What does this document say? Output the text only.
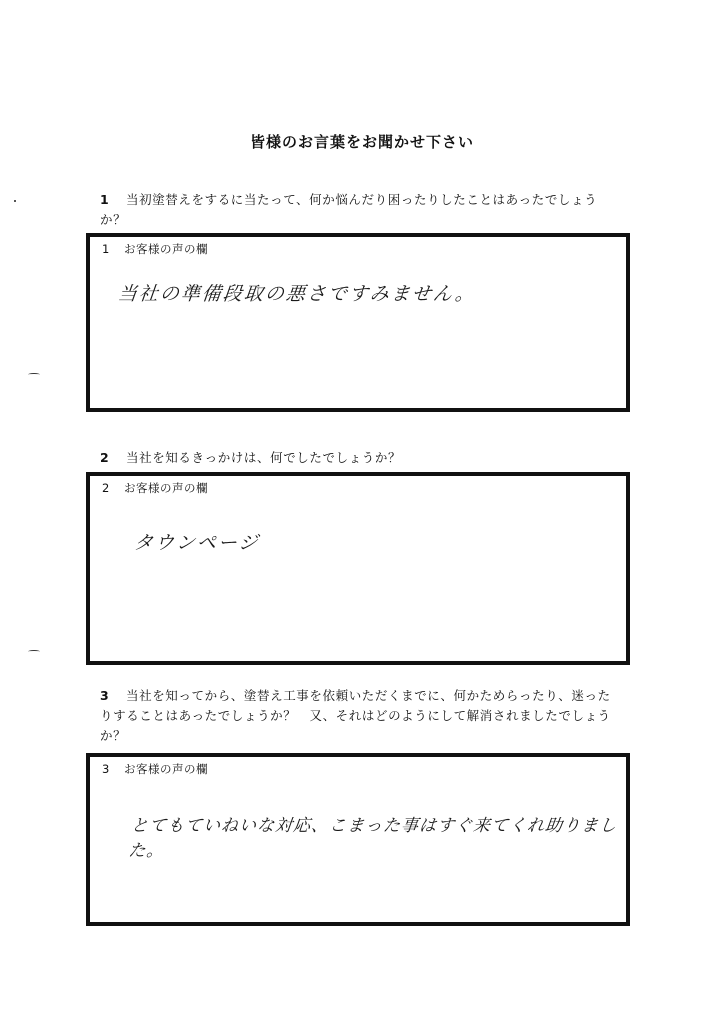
皆様のお言葉をお聞かせ下さい
1 当初塗替えをするに当たって、何か悩んだり困ったりしたことはあったでしょう
か？
1 お客様の声の欄
当社の準備段取の悪さですみません。
2 当社を知るきっかけは、何でしたでしょうか？
2 お客様の声の欄
タウンページ
3 当社を知ってから、塗替え工事を依頼いただくまでに、何かためらったり、迷った
りすることはあったでしょうか？　又、それはどのようにして解消されましたでしょう
か？
3 お客様の声の欄
とてもていねいな対応、こまった事はすぐ来てくれ助りました。
